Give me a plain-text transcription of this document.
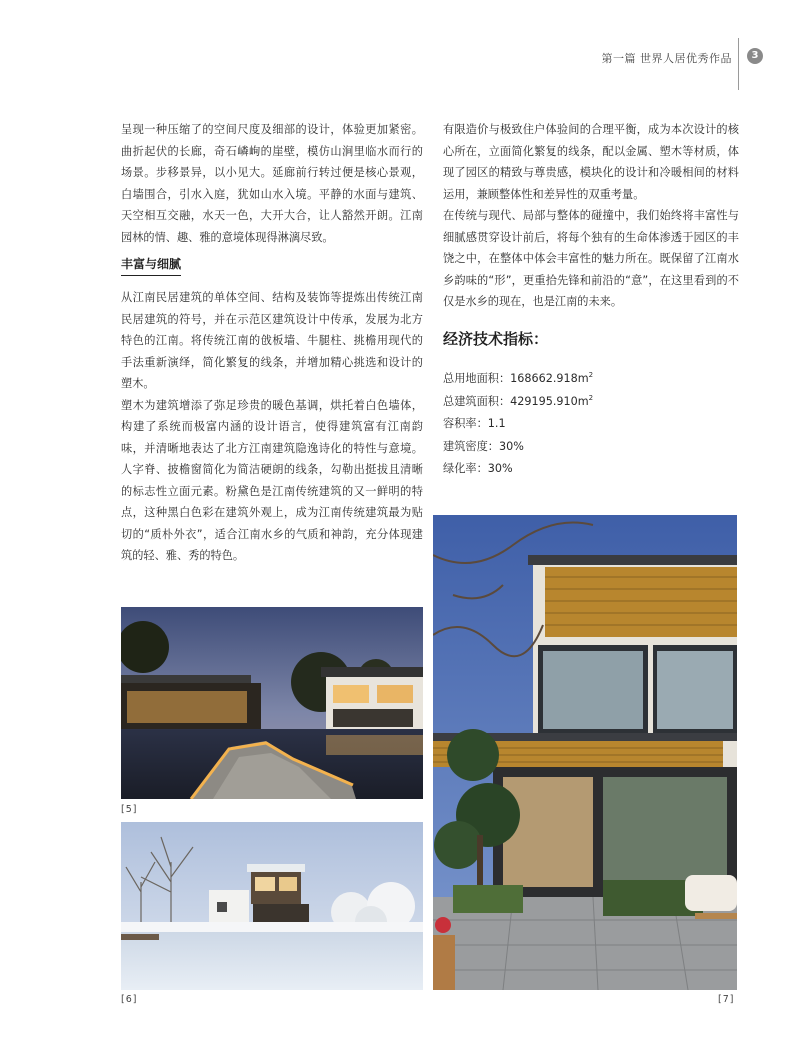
第一篇 世界人居优秀作品	3

呈现一种压缩了的空间尺度及细部的设计，体验更加紧密。曲折起伏的长廊，奇石嶙峋的崖壁，模仿山涧里临水而行的场景。步移景异，以小见大。延廊前行转过便是核心景观，白墙围合，引水入庭，犹如山水入境。平静的水面与建筑、天空相互交融，水天一色，大开大合，让人豁然开朗。江南园林的情、趣、雅的意境体现得淋漓尽致。

丰富与细腻

从江南民居建筑的单体空间、结构及装饰等提炼出传统江南民居建筑的符号，并在示范区建筑设计中传承，发展为北方特色的江南。将传统江南的戗板墙、牛腿柱、挑檐用现代的手法重新演绎，简化繁复的线条，并增加精心挑选和设计的塑木。

塑木为建筑增添了弥足珍贵的暖色基调，烘托着白色墙体，构建了系统而极富内涵的设计语言，使得建筑富有江南韵味，并清晰地表达了北方江南建筑隐逸诗化的特性与意境。人字脊、披檐窗简化为简洁硬朗的线条，勾勒出挺拔且清晰的标志性立面元素。粉黛色是江南传统建筑的又一鲜明的特点，这种黑白色彩在建筑外观上，成为江南传统建筑最为贴切的“质朴外衣”，适合江南水乡的气质和神韵，充分体现建筑的轻、雅、秀的特色。

有限造价与极致住户体验间的合理平衡，成为本次设计的核心所在，立面简化繁复的线条，配以金属、塑木等材质，体现了园区的精致与尊贵感，模块化的设计和冷暖相间的材料运用，兼顾整体性和差异性的双重考量。

在传统与现代、局部与整体的碰撞中，我们始终将丰富性与细腻感贯穿设计前后，将每个独有的生命体渗透于园区的丰饶之中，在整体中体会丰富性的魅力所在。既保留了江南水乡韵味的“形”，更重拾先锋和前沿的“意”，在这里看到的不仅是水乡的现在，也是江南的未来。

经济技术指标：
总用地面积：$168662.918m^2$
总建筑面积：$429195.910m^2$
容积率：1.1
建筑密度：30%
绿化率：30%
[5]
[6]	[7]
